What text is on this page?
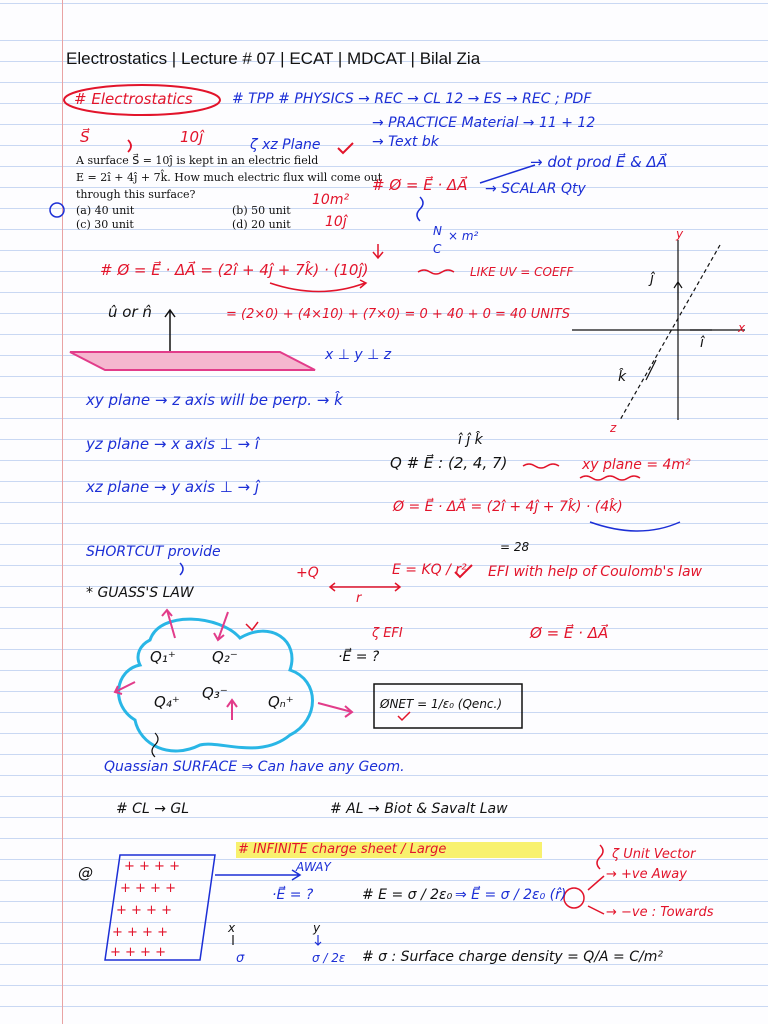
Electrostatics | Lecture # 07 | ECAT | MDCAT | Bilal Zia
# Electrostatics	# TPP # PHYSICS → REC → CL 12 → ES → REC ; PDF
→ PRACTICE Material → 11 + 12
→ Text bk
S⃗	10ĵ	ζ xz Plane
A surface S⃗ = 10ĵ is kept in an electric field
E = 2î + 4ĵ + 7k̂. How much electric flux will come out
through this surface?
(a) 40 unit	(b) 50 unit
(c) 30 unit	(d) 20 unit
→ dot prod E⃗ & ΔA⃗
# Ø = E⃗ · ΔA⃗ → SCALAR Qty
10m²
10ĵ
N
C
× m²
# Ø = E⃗ · ΔA⃗ = (2î + 4ĵ + 7k̂) · (10ĵ)	LIKE UV = COEFF
û or n̂	= (2×0) + (4×10) + (7×0) = 0 + 40 + 0 = 40 UNITS
x ⊥ y ⊥ z
y
ĵ
x
î
k̂
z
xy plane → z axis will be perp. → k̂
yz plane → x axis ⊥ → î
xz plane → y axis ⊥ → ĵ
î ĵ k̂
Q # E⃗ : (2, 4, 7)	xy plane = 4m²
Ø = E⃗ · ΔA⃗ = (2î + 4ĵ + 7k̂) · (4k̂)
= 28
SHORTCUT provide
* GUASS'S LAW
+Q
r
E = KQ / r² EFI with help of Coulomb's law
ζ EFI
·E⃗ = ?
Ø = E⃗ · ΔA⃗
Q₁⁺ Q₂⁻
Q₄⁺ Q₃⁻	Qₙ⁺	ØNET = 1/ε₀ (Qenc.)
Quassian SURFACE ⇒ Can have any Geom.
# CL → GL	# AL → Biot & Savalt Law
# INFINITE charge sheet / Large	ζ Unit Vector
@	AWAY
·E⃗ = ?	# E = σ / 2ε₀ ⇒ E⃗ = σ / 2ε₀ (r̂)
→ +ve Away
→ −ve : Towards
+ + + +
+ + + +
+ + + +
+ + + +
+ + + +
x	y
σ	σ / 2ε # σ : Surface charge density = Q/A = C/m²
